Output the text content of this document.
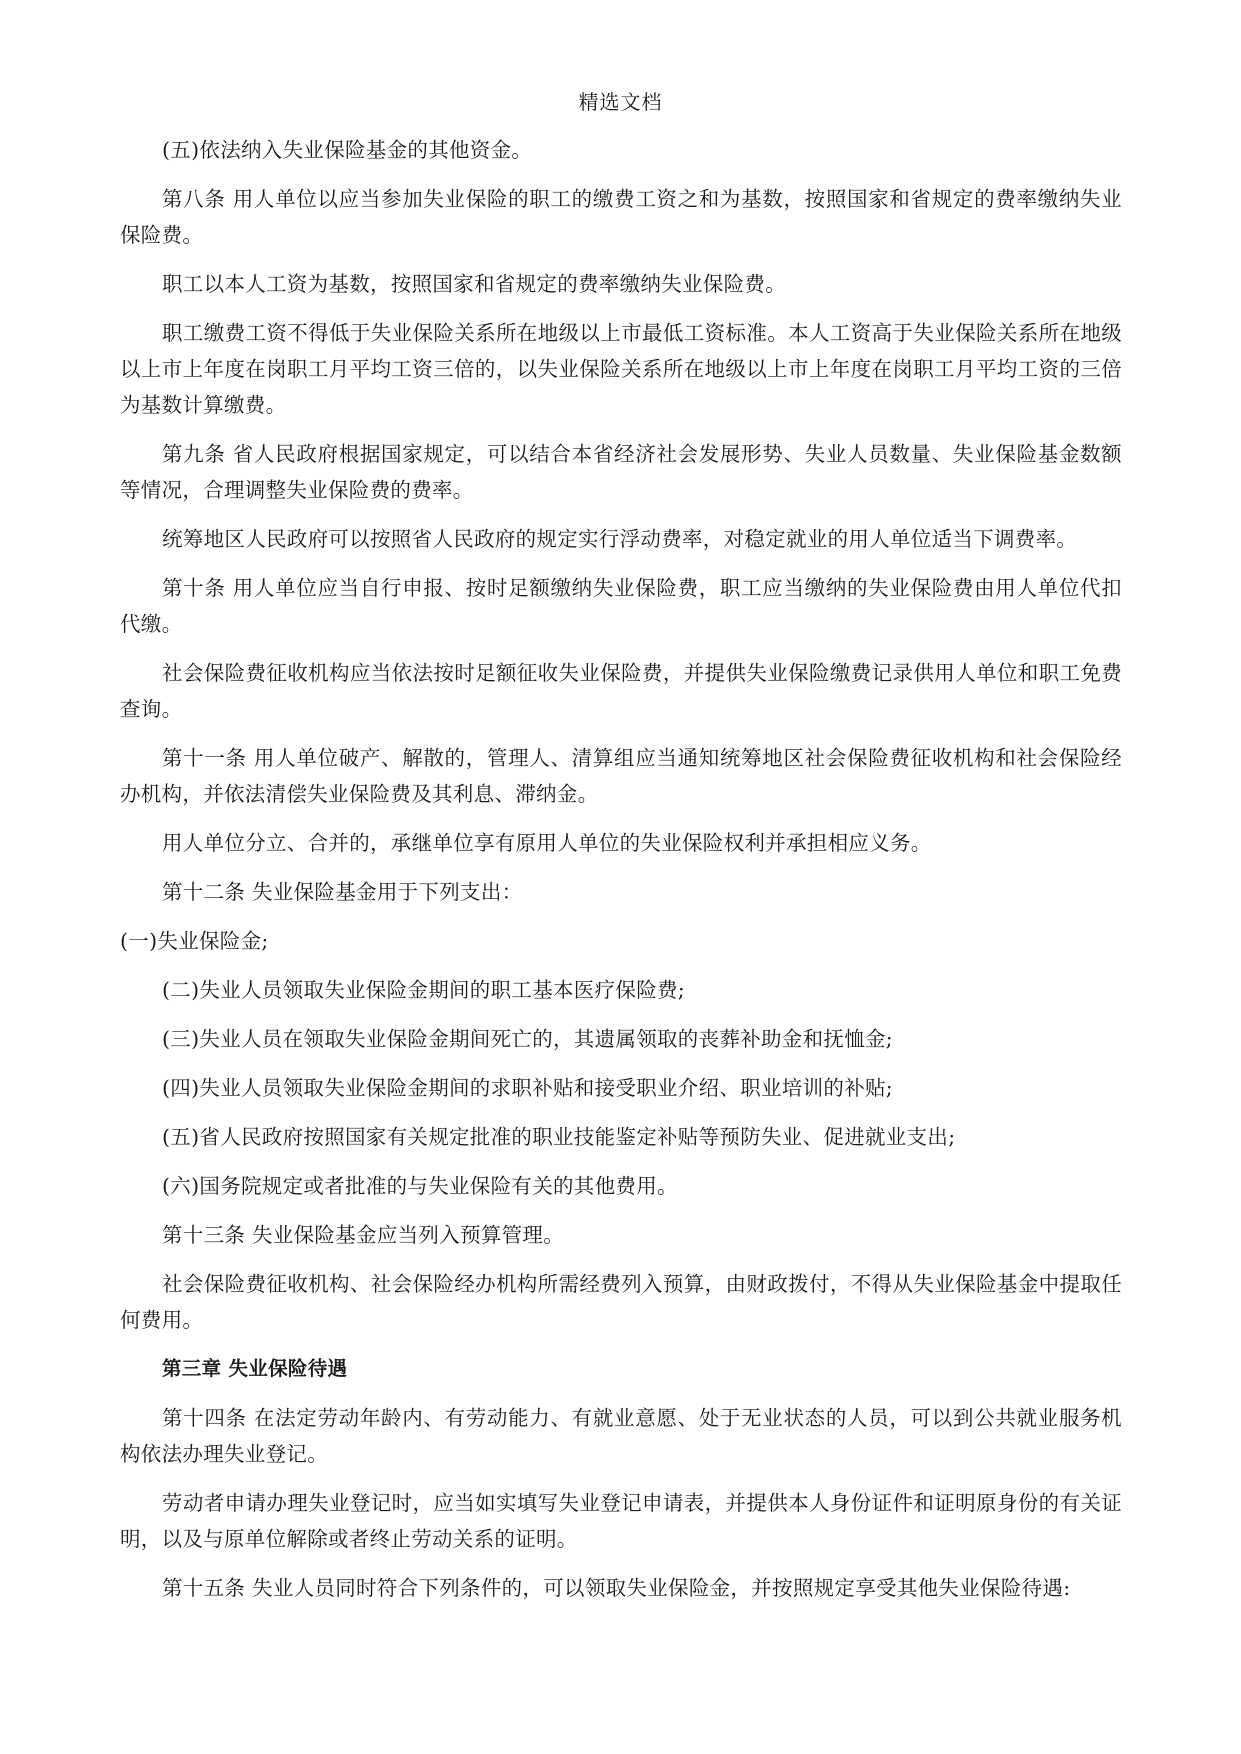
精选文档

(五)依法纳入失业保险基金的其他资金。

第八条 用人单位以应当参加失业保险的职工的缴费工资之和为基数，按照国家和省规定的费率缴纳失业保险费。

职工以本人工资为基数，按照国家和省规定的费率缴纳失业保险费。

职工缴费工资不得低于失业保险关系所在地级以上市最低工资标准。本人工资高于失业保险关系所在地级以上市上年度在岗职工月平均工资三倍的，以失业保险关系所在地级以上市上年度在岗职工月平均工资的三倍为基数计算缴费。

第九条 省人民政府根据国家规定，可以结合本省经济社会发展形势、失业人员数量、失业保险基金数额等情况，合理调整失业保险费的费率。

统筹地区人民政府可以按照省人民政府的规定实行浮动费率，对稳定就业的用人单位适当下调费率。

第十条 用人单位应当自行申报、按时足额缴纳失业保险费，职工应当缴纳的失业保险费由用人单位代扣代缴。

社会保险费征收机构应当依法按时足额征收失业保险费，并提供失业保险缴费记录供用人单位和职工免费查询。

第十一条 用人单位破产、解散的，管理人、清算组应当通知统筹地区社会保险费征收机构和社会保险经办机构，并依法清偿失业保险费及其利息、滞纳金。

用人单位分立、合并的，承继单位享有原用人单位的失业保险权利并承担相应义务。

第十二条 失业保险基金用于下列支出：

(一)失业保险金;

(二)失业人员领取失业保险金期间的职工基本医疗保险费;

(三)失业人员在领取失业保险金期间死亡的，其遗属领取的丧葬补助金和抚恤金;

(四)失业人员领取失业保险金期间的求职补贴和接受职业介绍、职业培训的补贴;

(五)省人民政府按照国家有关规定批准的职业技能鉴定补贴等预防失业、促进就业支出;

(六)国务院规定或者批准的与失业保险有关的其他费用。

第十三条 失业保险基金应当列入预算管理。

社会保险费征收机构、社会保险经办机构所需经费列入预算，由财政拨付，不得从失业保险基金中提取任何费用。

第三章 失业保险待遇

第十四条 在法定劳动年龄内、有劳动能力、有就业意愿、处于无业状态的人员，可以到公共就业服务机构依法办理失业登记。

劳动者申请办理失业登记时，应当如实填写失业登记申请表，并提供本人身份证件和证明原身份的有关证明，以及与原单位解除或者终止劳动关系的证明。

第十五条 失业人员同时符合下列条件的，可以领取失业保险金，并按照规定享受其他失业保险待遇:
